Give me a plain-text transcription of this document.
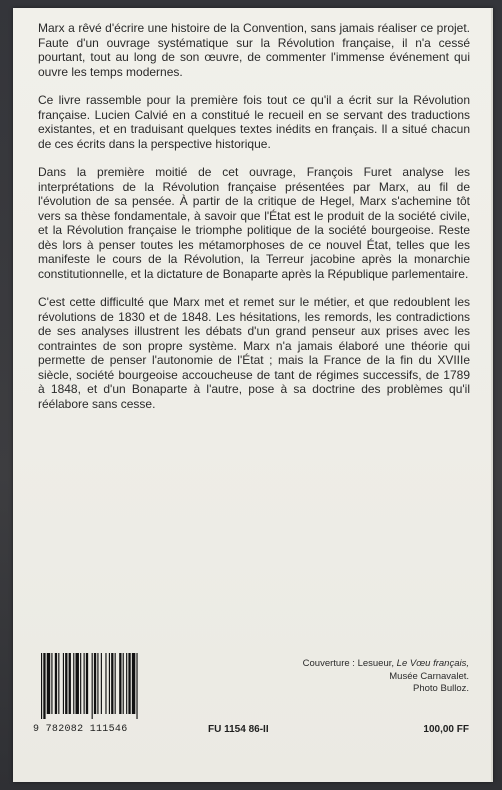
Marx a rêvé d'écrire une histoire de la Convention, sans jamais réaliser ce projet. Faute d'un ouvrage systématique sur la Révolution française, il n'a cessé pourtant, tout au long de son œuvre, de commenter l'immense événement qui ouvre les temps modernes.

Ce livre rassemble pour la première fois tout ce qu'il a écrit sur la Révolution française. Lucien Calvié en a constitué le recueil en se servant des traductions existantes, et en traduisant quelques textes inédits en français. Il a situé chacun de ces écrits dans la perspective historique.

Dans la première moitié de cet ouvrage, François Furet analyse les interprétations de la Révolution française présentées par Marx, au fil de l'évolution de sa pensée. À partir de la critique de Hegel, Marx s'achemine tôt vers sa thèse fondamentale, à savoir que l'État est le produit de la société civile, et la Révolution française le triomphe politique de la société bourgeoise. Reste dès lors à penser toutes les métamorphoses de ce nouvel État, telles que les manifeste le cours de la Révolution, la Terreur jacobine après la monarchie constitutionnelle, et la dictature de Bonaparte après la République parlementaire.

C'est cette difficulté que Marx met et remet sur le métier, et que redoublent les révolutions de 1830 et de 1848. Les hésitations, les remords, les contradictions de ses analyses illustrent les débats d'un grand penseur aux prises avec les contraintes de son propre système. Marx n'a jamais élaboré une théorie qui permette de penser l'autonomie de l'État ; mais la France de la fin du XVIIIe siècle, société bourgeoise accoucheuse de tant de régimes successifs, de 1789 à 1848, et d'un Bonaparte à l'autre, pose à sa doctrine des problèmes qu'il réélabore sans cesse.

Couverture : Lesueur, Le Vœu français,
Musée Carnavalet.
Photo Bulloz.
9 782082 111546	FU 1154 86-II	100,00 FF
